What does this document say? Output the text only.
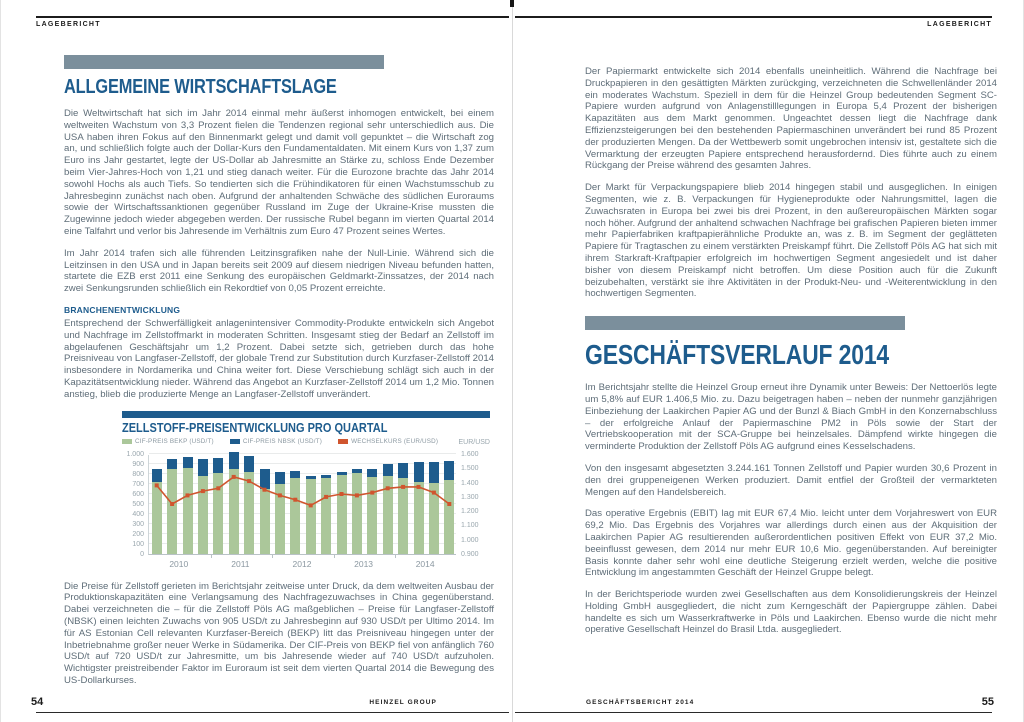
LAGEBERICHT
ALLGEMEINE WIRTSCHAFTSLAGE

Die Weltwirtschaft hat sich im Jahr 2014 einmal mehr äußerst inhomogen entwickelt, bei einem weltweiten Wachstum von 3,3 Prozent fielen die Tendenzen regional sehr unterschiedlich aus. Die USA haben ihren Fokus auf den Binnenmarkt gelegt und damit voll gepunktet – die Wirtschaft zog an, und schließlich folgte auch der Dollar-Kurs den Fundamentaldaten. Mit einem Kurs von 1,37 zum Euro ins Jahr gestartet, legte der US-Dollar ab Jahresmitte an Stärke zu, schloss Ende Dezember beim Vier-Jahres-Hoch von 1,21 und stieg danach weiter. Für die Eurozone brachte das Jahr 2014 sowohl Hochs als auch Tiefs. So tendierten sich die Frühindikatoren für einen Wachstumsschub zu Jahresbeginn zunächst nach oben. Aufgrund der anhaltenden Schwäche des südlichen Euroraums sowie der Wirtschaftssanktionen gegenüber Russland im Zuge der Ukraine-Krise mussten die Zugewinne jedoch wieder abgegeben werden. Der russische Rubel begann im vierten Quartal 2014 eine Talfahrt und verlor bis Jahresende im Verhältnis zum Euro 47 Prozent seines Wertes.

Im Jahr 2014 trafen sich alle führenden Leitzinsgrafiken nahe der Null-Linie. Während sich die Leitzinsen in den USA und in Japan bereits seit 2009 auf diesem niedrigen Niveau befunden hatten, startete die EZB erst 2011 eine Senkung des europäischen Geldmarkt-Zinssatzes, der 2014 nach zwei Senkungsrunden schließlich ein Rekordtief von 0,05 Prozent erreichte.

BRANCHENENTWICKLUNG

Entsprechend der Schwerfälligkeit anlagenintensiver Commodity-Produkte entwickeln sich Angebot und Nachfrage im Zellstoffmarkt in moderaten Schritten. Insgesamt stieg der Bedarf an Zellstoff im abgelaufenen Geschäftsjahr um 1,2 Prozent. Dabei setzte sich, getrieben durch das hohe Preisniveau von Langfaser-Zellstoff, der globale Trend zur Substitution durch Kurzfaser-Zellstoff 2014 insbesondere in Nordamerika und China weiter fort. Diese Verschiebung schlägt sich auch in der Kapazitätsentwicklung nieder. Während das Angebot an Kurzfaser-Zellstoff 2014 um 1,2 Mio. Tonnen anstieg, blieb die produzierte Menge an Langfaser-Zellstoff unverändert.

ZELLSTOFF-PREISENTWICKLUNG PRO QUARTAL
CIF-PREIS BEKP (USD/T)	CIF-PREIS NBSK (USD/T)	WECHSELKURS (EUR/USD)	EUR/USD
1.000
900
800
700
600
500
400
300
200
100
0
2010	2011	2012	2013	2014
1.600
1.500
1.400
1.300
1.200
1.100
1.000
0.900

Die Preise für Zellstoff gerieten im Berichtsjahr zeitweise unter Druck, da dem weltweiten Ausbau der Produktionskapazitäten eine Verlangsamung des Nachfragezuwachses in China gegenüberstand. Dabei verzeichneten die – für die Zellstoff Pöls AG maßgeblichen – Preise für Langfaser-Zellstoff (NBSK) einen leichten Zuwachs von 905 USD/t zu Jahresbeginn auf 930 USD/t per Ultimo 2014. Im für AS Estonian Cell relevanten Kurzfaser-Bereich (BEKP) litt das Preisniveau hingegen unter der Inbetriebnahme großer neuer Werke in Südamerika. Der CIF-Preis von BEKP fiel von anfänglich 760 USD/t auf 720 USD/t zur Jahresmitte, um bis Jahresende wieder auf 740 USD/t aufzuholen. Wichtigster preistreibender Faktor im Euroraum ist seit dem vierten Quartal 2014 die Bewegung des US-Dollarkurses.

54	HEINZEL GROUP
LAGEBERICHT

Der Papiermarkt entwickelte sich 2014 ebenfalls uneinheitlich. Während die Nachfrage bei Druckpapieren in den gesättigten Märkten zurückging, verzeichneten die Schwellenländer 2014 ein moderates Wachstum. Speziell in dem für die Heinzel Group bedeutenden Segment SC-Papiere wurden aufgrund von Anlagenstilllegungen in Europa 5,4 Prozent der bisherigen Kapazitäten aus dem Markt genommen. Ungeachtet dessen liegt die Nachfrage dank Effizienzsteigerungen bei den bestehenden Papiermaschinen unverändert bei rund 85 Prozent der produzierten Mengen. Da der Wettbewerb somit ungebrochen intensiv ist, gestaltete sich die Vermarktung der erzeugten Papiere entsprechend herausfordernd. Dies führte auch zu einem Rückgang der Preise während des gesamten Jahres.

Der Markt für Verpackungspapiere blieb 2014 hingegen stabil und ausgeglichen. In einigen Segmenten, wie z. B. Verpackungen für Hygieneprodukte oder Nahrungsmittel, lagen die Zuwachsraten in Europa bei zwei bis drei Prozent, in den außereuropäischen Märkten sogar noch höher. Aufgrund der anhaltend schwachen Nachfrage bei grafischen Papieren bieten immer mehr Papierfabriken kraftpapierähnliche Produkte an, was z. B. im Segment der geglätteten Papiere für Tragtaschen zu einem verstärkten Preiskampf führt. Die Zellstoff Pöls AG hat sich mit ihrem Starkraft-Kraftpapier erfolgreich im hochwertigen Segment angesiedelt und ist daher bisher von diesem Preiskampf nicht betroffen. Um diese Position auch für die Zukunft beizubehalten, verstärkt sie ihre Aktivitäten in der Produkt-Neu- und -Weiterentwicklung in den hochwertigen Segmenten.

GESCHÄFTSVERLAUF 2014

Im Berichtsjahr stellte die Heinzel Group erneut ihre Dynamik unter Beweis: Der Nettoerlös legte um 5,8% auf EUR 1.406,5 Mio. zu. Dazu beigetragen haben – neben der nunmehr ganzjährigen Einbeziehung der Laakirchen Papier AG und der Bunzl & Biach GmbH in den Konzernabschluss – der erfolgreiche Anlauf der Papiermaschine PM2 in Pöls sowie der Start der Vertriebskooperation mit der SCA-Gruppe bei heinzelsales. Dämpfend wirkte hingegen die verminderte Produktion der Zellstoff Pöls AG aufgrund eines Kesselschadens.

Von den insgesamt abgesetzten 3.244.161 Tonnen Zellstoff und Papier wurden 30,6 Prozent in den drei gruppeneigenen Werken produziert. Damit entfiel der Großteil der vermarkteten Mengen auf den Handelsbereich.

Das operative Ergebnis (EBIT) lag mit EUR 67,4 Mio. leicht unter dem Vorjahreswert von EUR 69,2 Mio. Das Ergebnis des Vorjahres war allerdings durch einen aus der Akquisition der Laakirchen Papier AG resultierenden außerordentlichen positiven Effekt von EUR 37,2 Mio. beeinflusst gewesen, dem 2014 nur mehr EUR 10,6 Mio. gegenüberstanden. Auf bereinigter Basis konnte daher sehr wohl eine deutliche Steigerung erzielt werden, welche die positive Entwicklung im angestammten Geschäft der Heinzel Gruppe belegt.

In der Berichtsperiode wurden zwei Gesellschaften aus dem Konsolidierungskreis der Heinzel Holding GmbH ausgegliedert, die nicht zum Kerngeschäft der Papiergruppe zählen. Dabei handelte es sich um Wasserkraftwerke in Pöls und Laakirchen. Ebenso wurde die nicht mehr operative Gesellschaft Heinzel do Brasil Ltda. ausgegliedert.

GESCHÄFTSBERICHT 2014	55
